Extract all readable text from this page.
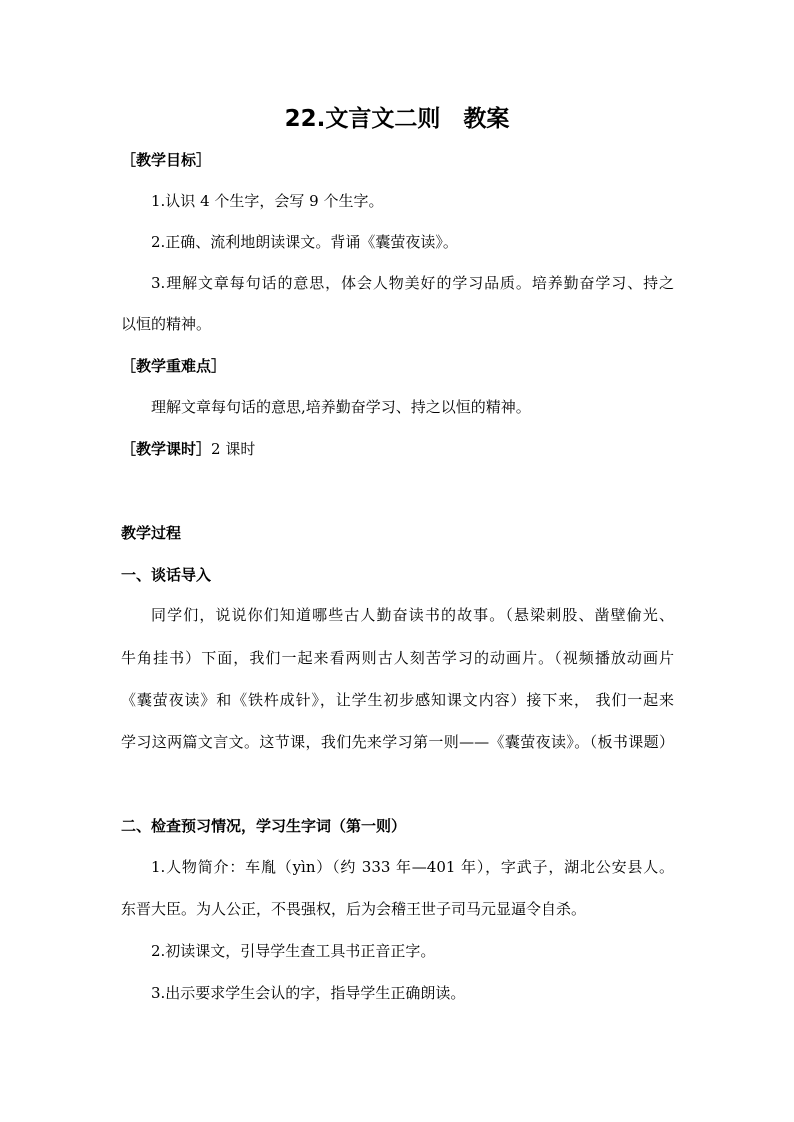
22.文言文二则　教案
［教学目标］
1.认识 4 个生字，会写 9 个生字。
2.正确、流利地朗读课文。背诵《囊萤夜读》。
3.理解文章每句话的意思，体会人物美好的学习品质。培养勤奋学习、持之
以恒的精神。
［教学重难点］
理解文章每句话的意思,培养勤奋学习、持之以恒的精神。
［教学课时］2 课时
教学过程
一、谈话导入
同学们，说说你们知道哪些古人勤奋读书的故事。（悬梁刺股、凿壁偷光、
牛角挂书）下面，我们一起来看两则古人刻苦学习的动画片。（视频播放动画片
《囊萤夜读》和《铁杵成针》，让学生初步感知课文内容）接下来， 我们一起来
学习这两篇文言文。这节课，我们先来学习第一则——《囊萤夜读》。（板书课题）
二、检查预习情况，学习生字词（第一则）
1.人物简介：车胤（yìn）（约 333 年—401 年），字武子，湖北公安县人。
东晋大臣。为人公正，不畏强权，后为会稽王世子司马元显逼令自杀。
2.初读课文，引导学生查工具书正音正字。
3.出示要求学生会认的字，指导学生正确朗读。
